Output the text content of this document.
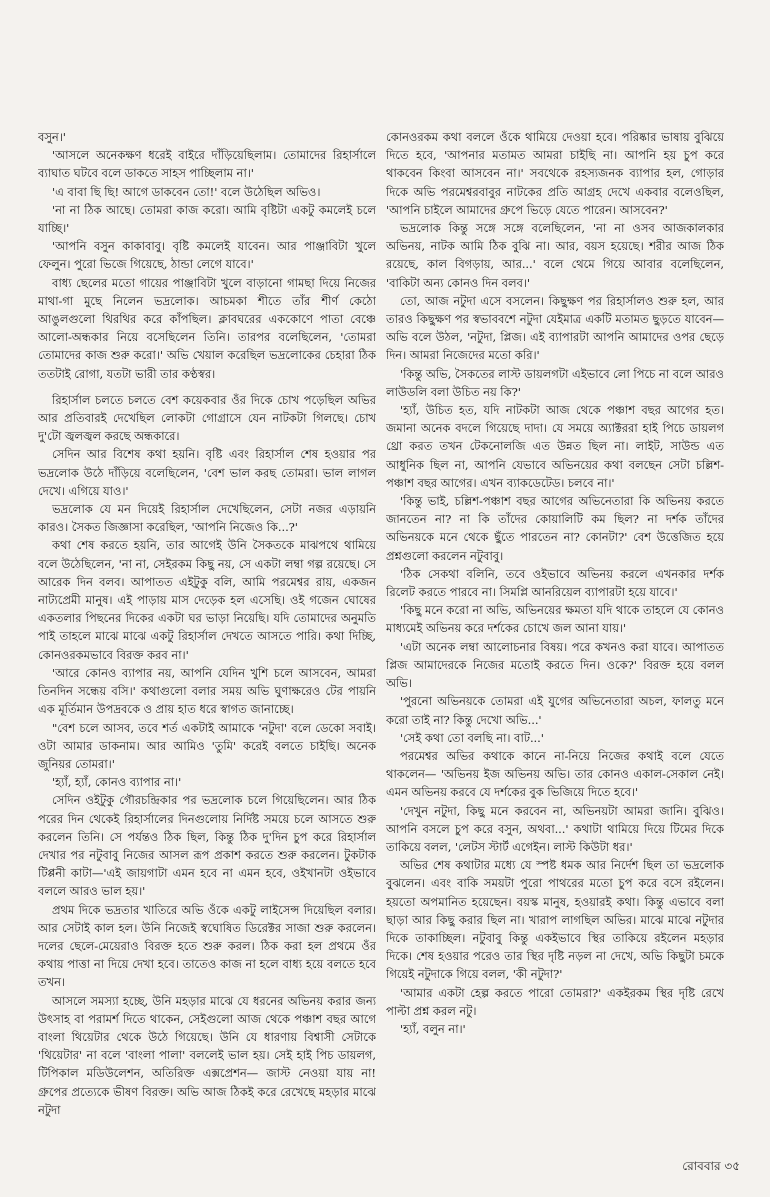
বসুন।'

'আসলে অনেকক্ষণ ধরেই বাইরে দাঁড়িয়েছিলাম। তোমাদের রিহার্সালে ব্যাঘাত ঘটবে বলে ডাকতে সাহস পাচ্ছিলাম না।'

'এ বাবা ছি ছি! আগে ডাকবেন তো!' বলে উঠেছিল অভিও।

'না না ঠিক আছে। তোমরা কাজ করো। আমি বৃষ্টিটা একটু কমলেই চলে যাচ্ছি।'

'আপনি বসুন কাকাবাবু। বৃষ্টি কমলেই যাবেন। আর পাঞ্জাবিটা খুলে ফেলুন। পুরো ভিজে গিয়েছে, ঠান্ডা লেগে যাবে।'

বাধ্য ছেলের মতো গায়ের পাঞ্জাবিটা খুলে বাড়ানো গামছা দিয়ে নিজের মাথা-গা মুছে নিলেন ভদ্রলোক। আচমকা শীতে তাঁর শীর্ণ কেঠো আঙুলগুলো থিরথির করে কাঁপছিল। ক্লাবঘরের এককোণে পাতা বেঞ্চে আলো-অন্ধকার নিয়ে বসেছিলেন তিনি। তারপর বলেছিলেন, 'তোমরা তোমাদের কাজ শুরু করো।' অভি খেয়াল করেছিল ভদ্রলোকের চেহারা ঠিক ততটাই রোগা, যতটা ভারী তার কণ্ঠস্বর।

রিহার্সাল চলতে চলতে বেশ কয়েকবার ওঁর দিকে চোখ পড়েছিল অভির আর প্রতিবারই দেখেছিল লোকটা গোগ্রাসে যেন নাটকটা গিলছে। চোখ দু'টো জ্বলজ্বল করছে অন্ধকারে।

সেদিন আর বিশেষ কথা হয়নি। বৃষ্টি এবং রিহার্সাল শেষ হওয়ার পর ভদ্রলোক উঠে দাঁড়িয়ে বলেছিলেন, 'বেশ ভাল করছ তোমরা। ভাল লাগল দেখে। এগিয়ে যাও।'

ভদ্রলোক যে মন দিয়েই রিহার্সাল দেখেছিলেন, সেটা নজর এড়ায়নি কারও। সৈকত জিজ্ঞাসা করেছিল, 'আপনি নিজেও কি...?'

কথা শেষ করতে হয়নি, তার আগেই উনি সৈকতকে মাঝপথে থামিয়ে বলে উঠেছিলেন, 'না না, সেইরকম কিছু নয়, সে একটা লম্বা গল্প রয়েছে। সে আরেক দিন বলব। আপাতত এইটুকু বলি, আমি পরমেশ্বর রায়, একজন নাট্যপ্রেমী মানুষ। এই পাড়ায় মাস দেড়েক হল এসেছি। ওই গজেন ঘোষের একতলার পিছনের দিকের একটা ঘর ভাড়া নিয়েছি। যদি তোমাদের অনুমতি পাই তাহলে মাঝে মাঝে একটু রিহার্সাল দেখতে আসতে পারি। কথা দিচ্ছি, কোনওরকমভাবে বিরক্ত করব না।'

'আরে কোনও ব্যাপার নয়, আপনি যেদিন খুশি চলে আসবেন, আমরা তিনদিন সন্ধেয় বসি।' কথাগুলো বলার সময় অভি ঘুণাক্ষরেও টের পায়নি এক মূর্তিমান উপদ্রবকে ও প্রায় হাত ধরে স্বাগত জানাচ্ছে।

"বেশ চলে আসব, তবে শর্ত একটাই আমাকে 'নটুদা' বলে ডেকো সবাই। ওটা আমার ডাকনাম। আর আমিও 'তুমি' করেই বলতে চাইছি। অনেক জুনিয়র তোমরা।'

'হ্যাঁ, হ্যাঁ, কোনও ব্যাপার না।'

সেদিন ওইটুকু গৌরচন্দ্রিকার পর ভদ্রলোক চলে গিয়েছিলেন। আর ঠিক পরের দিন থেকেই রিহার্সালের দিনগুলোয় নির্দিষ্ট সময়ে চলে আসতে শুরু করলেন তিনি। সে পর্যন্তও ঠিক ছিল, কিন্তু ঠিক দু'দিন চুপ করে রিহার্সাল দেখার পর নটুবাবু নিজের আসল রূপ প্রকাশ করতে শুরু করলেন। টুকটাক টিপ্পনী কাটা—'এই জায়গাটা এমন হবে না এমন হবে, ওইখানটা ওইভাবে বললে আরও ভাল হয়।'

প্রথম দিকে ভদ্রতার খাতিরে অভি ওঁকে একটু লাইসেন্স দিয়েছিল বলার। আর সেটাই কাল হল। উনি নিজেই স্বঘোষিত ডিরেক্টর সাজা শুরু করলেন। দলের ছেলে-মেয়েরাও বিরক্ত হতে শুরু করল। ঠিক করা হল প্রথমে ওঁর কথায় পাত্তা না দিয়ে দেখা হবে। তাতেও কাজ না হলে বাধ্য হয়ে বলতে হবে তখন।

আসলে সমস্যা হচ্ছে, উনি মহড়ার মাঝে যে ধরনের অভিনয় করার জন্য উৎসাহ বা পরামর্শ দিতে থাকেন, সেইগুলো আজ থেকে পঞ্চাশ বছর আগে বাংলা থিয়েটার থেকে উঠে গিয়েছে। উনি যে ধারণায় বিশ্বাসী সেটাকে 'থিয়েটার' না বলে 'বাংলা পালা' বললেই ভাল হয়। সেই হাই পিচ ডায়লগ, টিপিকাল মডিউলেশন, অতিরিক্ত এক্সপ্রেশন— জাস্ট নেওয়া যায় না! গ্রুপের প্রত্যেকে ভীষণ বিরক্ত। অভি আজ ঠিকই করে রেখেছে মহড়ার মাঝে নটুদা

কোনওরকম কথা বললে ওঁকে থামিয়ে দেওয়া হবে। পরিষ্কার ভাষায় বুঝিয়ে দিতে হবে, 'আপনার মতামত আমরা চাইছি না। আপনি হয় চুপ করে থাকবেন কিংবা আসবেন না।' সবথেকে রহস্যজনক ব্যাপার হল, গোড়ার দিকে অভি পরমেশ্বরবাবুর নাটকের প্রতি আগ্রহ দেখে একবার বলেওছিল, 'আপনি চাইলে আমাদের গ্রুপে ভিড়ে যেতে পারেন। আসবেন?'

ভদ্রলোক কিন্তু সঙ্গে সঙ্গে বলেছিলেন, 'না না ওসব আজকালকার অভিনয়, নাটক আমি ঠিক বুঝি না। আর, বয়স হয়েছে। শরীর আজ ঠিক রয়েছে, কাল বিগড়ায়, আর...' বলে থেমে গিয়ে আবার বলেছিলেন, 'বাকিটা অন্য কোনও দিন বলব।'

তো, আজ নটুদা এসে বসলেন। কিছুক্ষণ পর রিহার্সালও শুরু হল, আর তারও কিছুক্ষণ পর স্বভাববশে নটুদা যেইমাত্র একটি মতামত ছুড়তে যাবেন— অভি বলে উঠল, 'নটুদা, প্লিজ। এই ব্যাপারটা আপনি আমাদের ওপর ছেড়ে দিন। আমরা নিজেদের মতো করি।'

'কিন্তু অভি, সৈকতের লাস্ট ডায়লগটা এইভাবে লো পিচে না বলে আরও লাউডলি বলা উচিত নয় কি?'

'হ্যাঁ, উচিত হত, যদি নাটকটা আজ থেকে পঞ্চাশ বছর আগের হত। জমানা অনেক বদলে গিয়েছে দাদা। যে সময়ে অ্যাক্টররা হাই পিচে ডায়লগ থ্রো করত তখন টেকনোলজি এত উন্নত ছিল না। লাইট, সাউন্ড এত আধুনিক ছিল না, আপনি যেভাবে অভিনয়ের কথা বলছেন সেটা চল্লিশ-পঞ্চাশ বছর আগের। এখন ব্যাকডেটেড। চলবে না।'

'কিন্তু ভাই, চল্লিশ-পঞ্চাশ বছর আগের অভিনেতারা কি অভিনয় করতে জানতেন না? না কি তাঁদের কোয়ালিটি কম ছিল? না দর্শক তাঁদের অভিনয়কে মনে থেকে ছুঁতে পারতেন না? কোনটা?' বেশ উত্তেজিত হয়ে প্রশ্নগুলো করলেন নটুবাবু।

'ঠিক সেকথা বলিনি, তবে ওইভাবে অভিনয় করলে এখনকার দর্শক রিলেট করতে পারবে না। সিমপ্লি আনরিয়েল ব্যাপারটা হয়ে যাবে।'

'কিছু মনে করো না অভি, অভিনয়ের ক্ষমতা যদি থাকে তাহলে যে কোনও মাধ্যমেই অভিনয় করে দর্শকের চোখে জল আনা যায়।'

'এটা অনেক লম্বা আলোচনার বিষয়। পরে কখনও করা যাবে। আপাতত প্লিজ আমাদেরকে নিজের মতোই করতে দিন। ওকে?' বিরক্ত হয়ে বলল অভি।

'পুরনো অভিনয়কে তোমরা এই যুগের অভিনেতারা অচল, ফালতু মনে করো তাই না? কিন্তু দেখো অভি...'

'সেই কথা তো বলছি না। বাট...'

পরমেশ্বর অভির কথাকে কানে না-নিয়ে নিজের কথাই বলে যেতে থাকলেন— 'অভিনয় ইজ অভিনয় অভি। তার কোনও একাল-সেকাল নেই। এমন অভিনয় করবে যে দর্শকের বুক ভিজিয়ে দিতে হবে।'

'দেখুন নটুদা, কিছু মনে করবেন না, অভিনয়টা আমরা জানি। বুঝিও। আপনি বসলে চুপ করে বসুন, অথবা...' কথাটা থামিয়ে দিয়ে টিমের দিকে তাকিয়ে বলল, 'লেটস স্টার্ট এগেইন। লাস্ট কিউটা ধর।'

অভির শেষ কথাটার মধ্যে যে স্পষ্ট ধমক আর নির্দেশ ছিল তা ভদ্রলোক বুঝলেন। এবং বাকি সময়টা পুরো পাথরের মতো চুপ করে বসে রইলেন। হয়তো অপমানিত হয়েছেন। বয়স্ক মানুষ, হওয়ারই কথা। কিন্তু এভাবে বলা ছাড়া আর কিছু করার ছিল না। খারাপ লাগছিল অভির। মাঝে মাঝে নটুদার দিকে তাকাচ্ছিল। নটুবাবু কিন্তু একইভাবে স্থির তাকিয়ে রইলেন মহড়ার দিকে। শেষ হওয়ার পরেও তার স্থির দৃষ্টি নড়ল না দেখে, অভি কিছুটা চমকে গিয়েই নটুদাকে গিয়ে বলল, 'কী নটুদা?'

'আমার একটা হেল্প করতে পারো তোমরা?' একইরকম স্থির দৃষ্টি রেখে পাল্টা প্রশ্ন করল নটু।

'হ্যাঁ, বলুন না।'

রোববার ৩৫
